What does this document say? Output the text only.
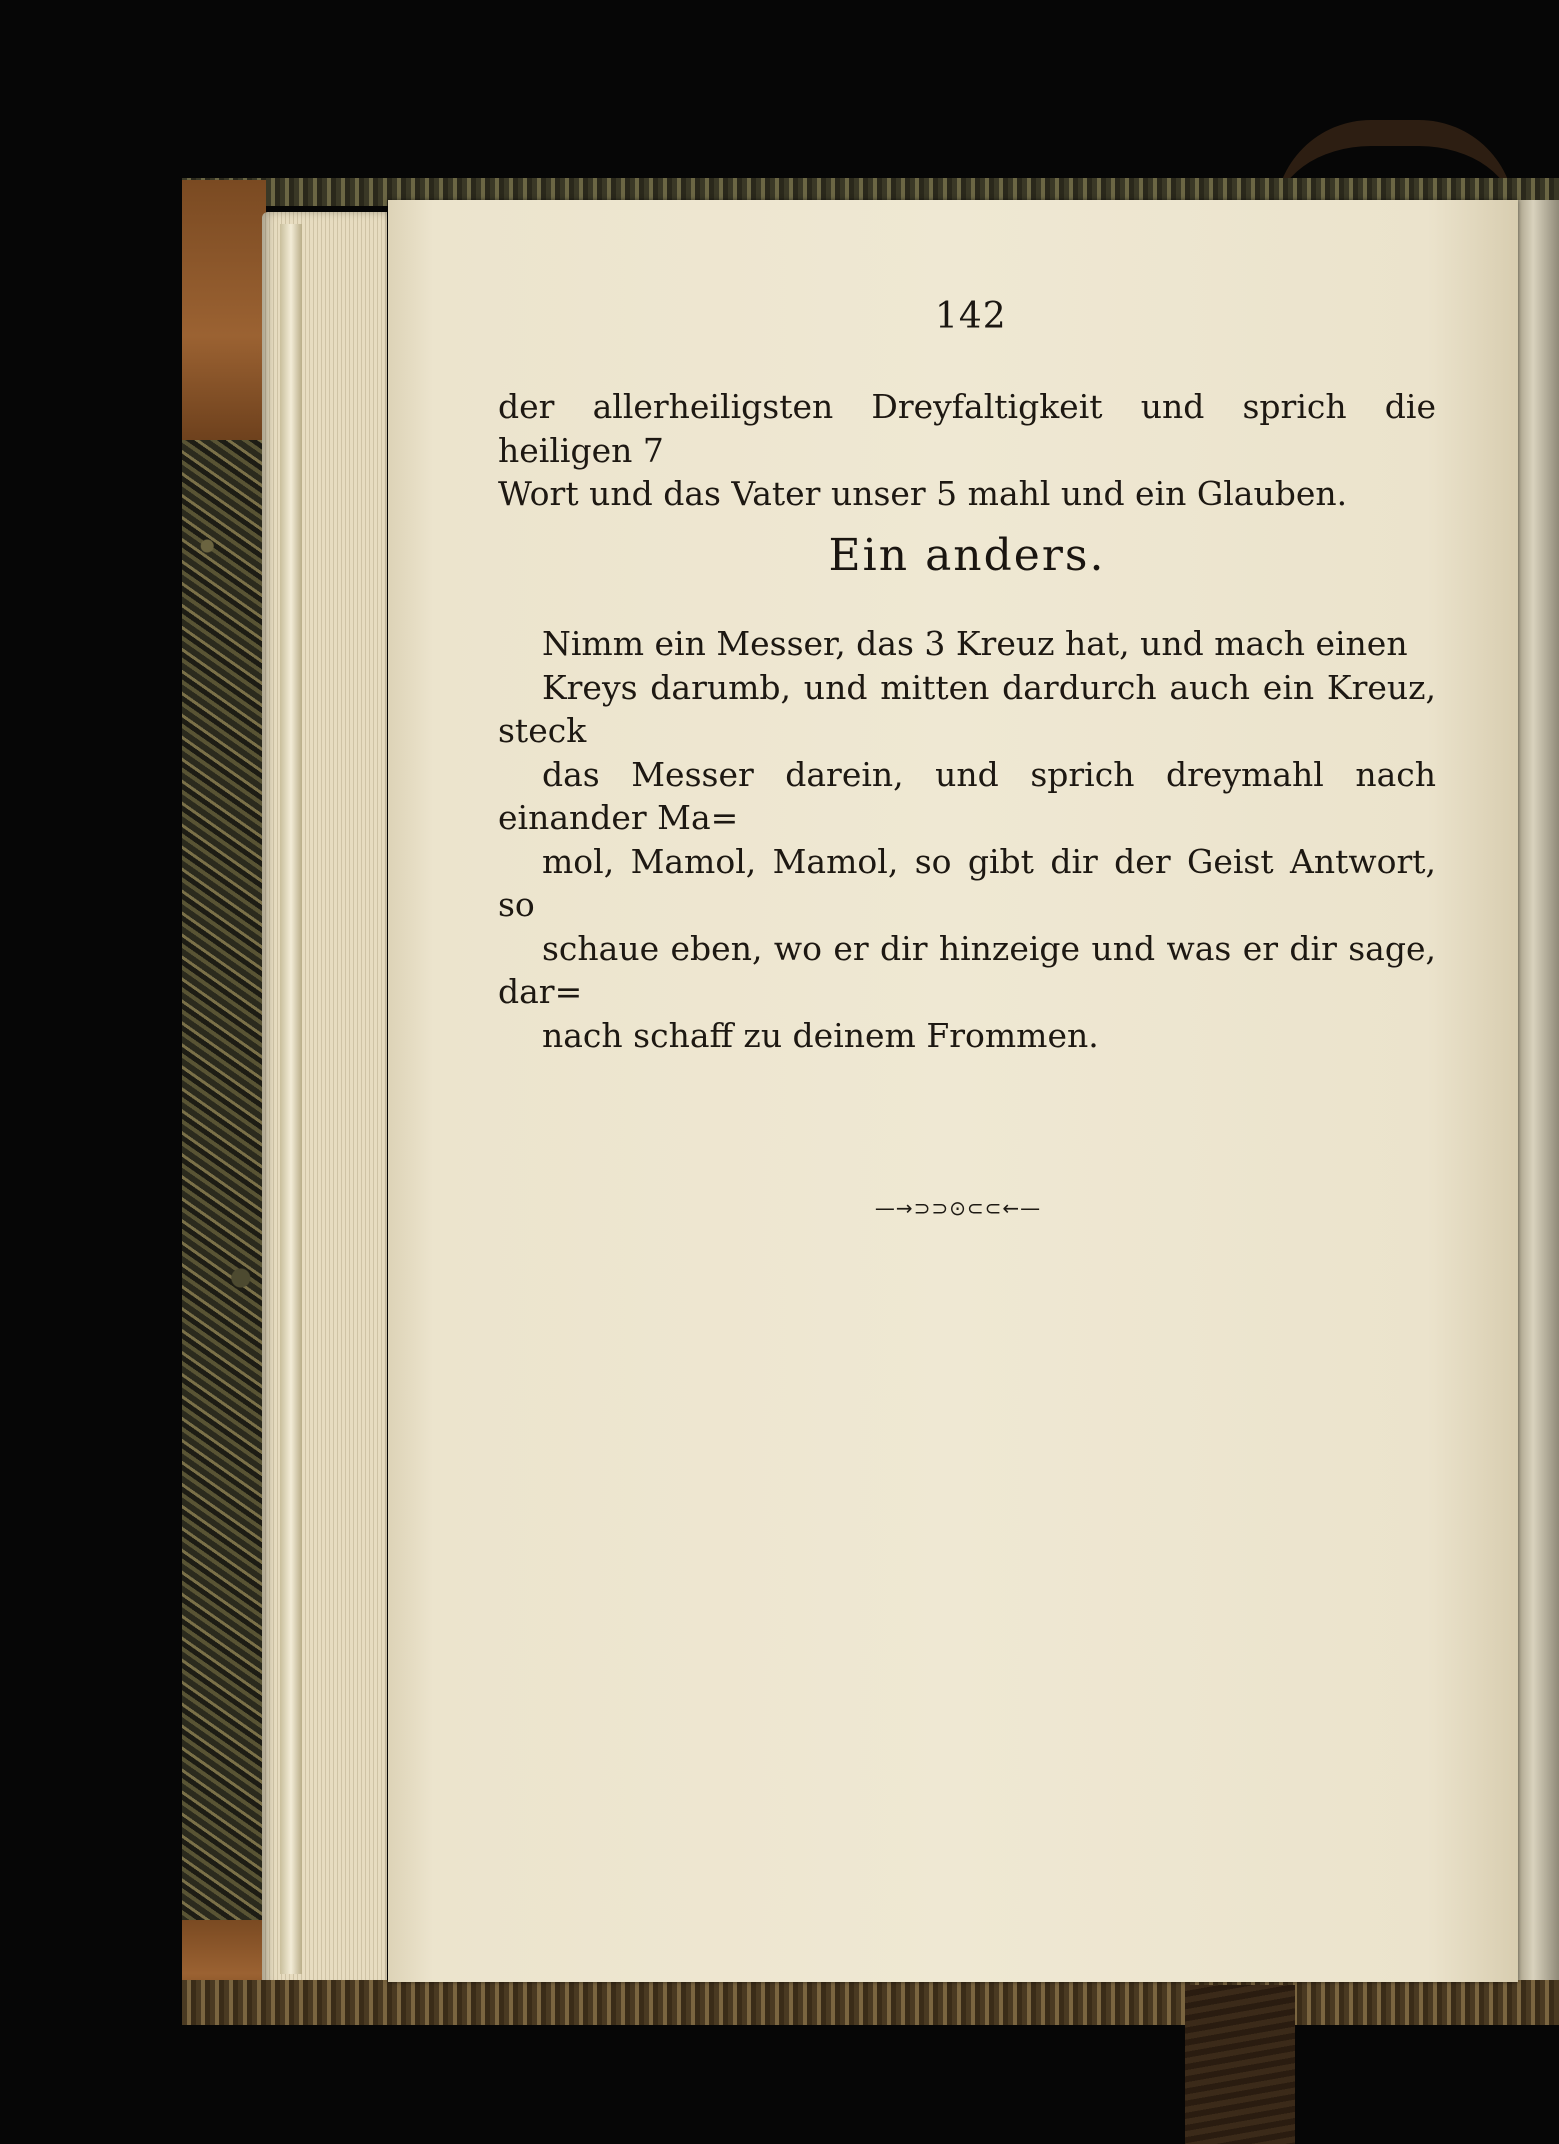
142
der allerheiligsten Dreyfaltigkeit und sprich die heiligen 7
Wort und das Vater unser 5 mahl und ein Glauben.
Ein anders.
Nimm ein Messer, das 3 Kreuz hat, und mach einen
Kreys darumb, und mitten dardurch auch ein Kreuz, steck
das Messer darein, und sprich dreymahl nach einander Ma=
mol, Mamol, Mamol, so gibt dir der Geist Antwort, so
schaue eben, wo er dir hinzeige und was er dir sage, dar=
nach schaff zu deinem Frommen.
—→⊃⊃⊙⊂⊂←—
